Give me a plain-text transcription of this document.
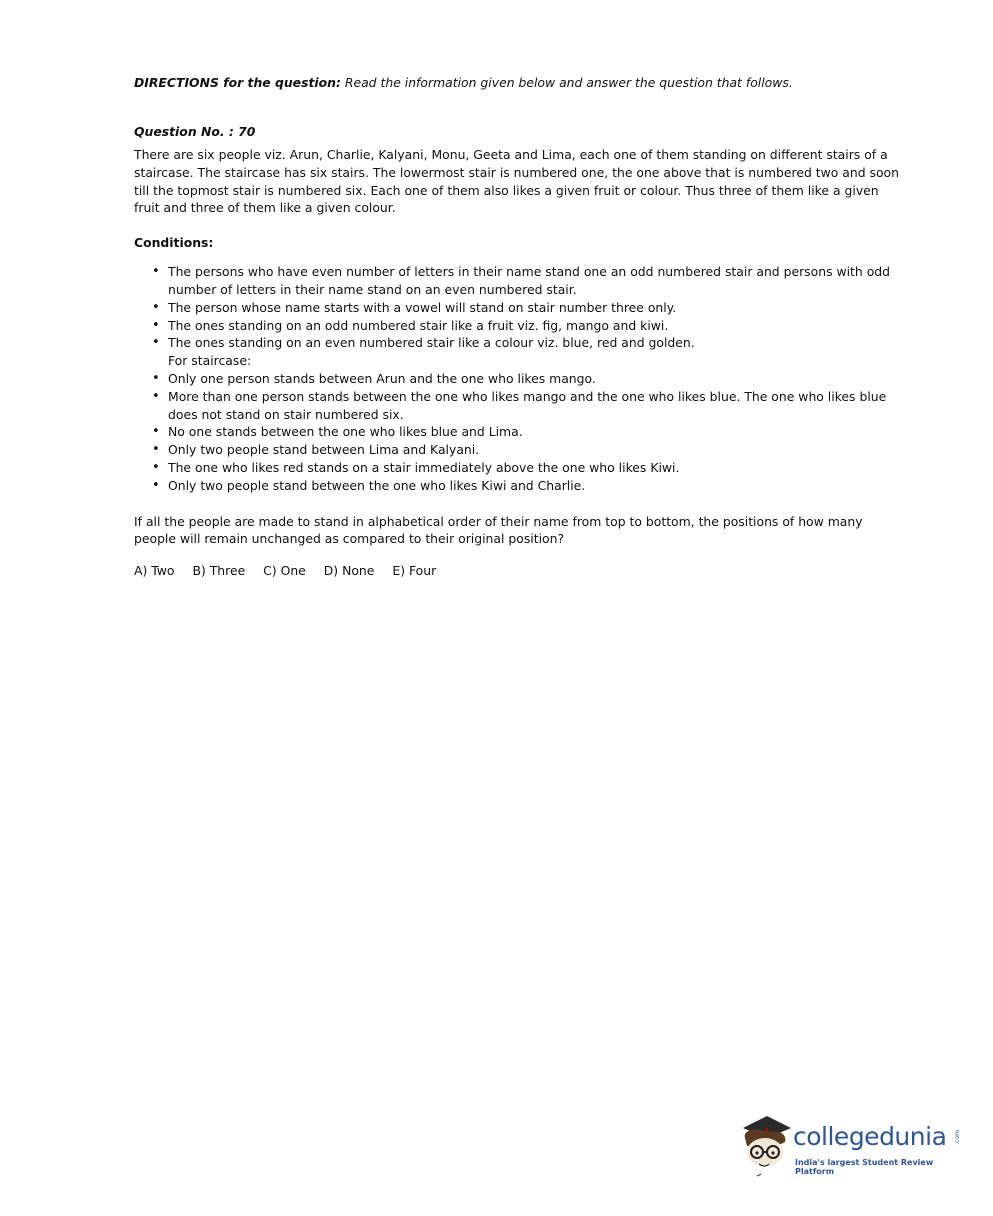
DIRECTIONS for the question: Read the information given below and answer the question that follows.

Question No. : 70

There are six people viz. Arun, Charlie, Kalyani, Monu, Geeta and Lima, each one of them standing on different stairs of a staircase. The staircase has six stairs. The lowermost stair is numbered one, the one above that is numbered two and soon till the topmost stair is numbered six. Each one of them also likes a given fruit or colour. Thus three of them like a given fruit and three of them like a given colour.

Conditions:
• The persons who have even number of letters in their name stand one an odd numbered stair and persons with odd number of letters in their name stand on an even numbered stair.
• The person whose name starts with a vowel will stand on stair number three only.
• The ones standing on an odd numbered stair like a fruit viz. fig, mango and kiwi.
• The ones standing on an even numbered stair like a colour viz. blue, red and golden.
For staircase:
• Only one person stands between Arun and the one who likes mango.
• More than one person stands between the one who likes mango and the one who likes blue. The one who likes blue does not stand on stair numbered six.
• No one stands between the one who likes blue and Lima.
• Only two people stand between Lima and Kalyani.
• The one who likes red stands on a stair immediately above the one who likes Kiwi.
• Only two people stand between the one who likes Kiwi and Charlie.

If all the people are made to stand in alphabetical order of their name from top to bottom, the positions of how many people will remain unchanged as compared to their original position?

A) Two B) Three C) One D) None E) Four
collegedunia .com
India's largest Student Review Platform
